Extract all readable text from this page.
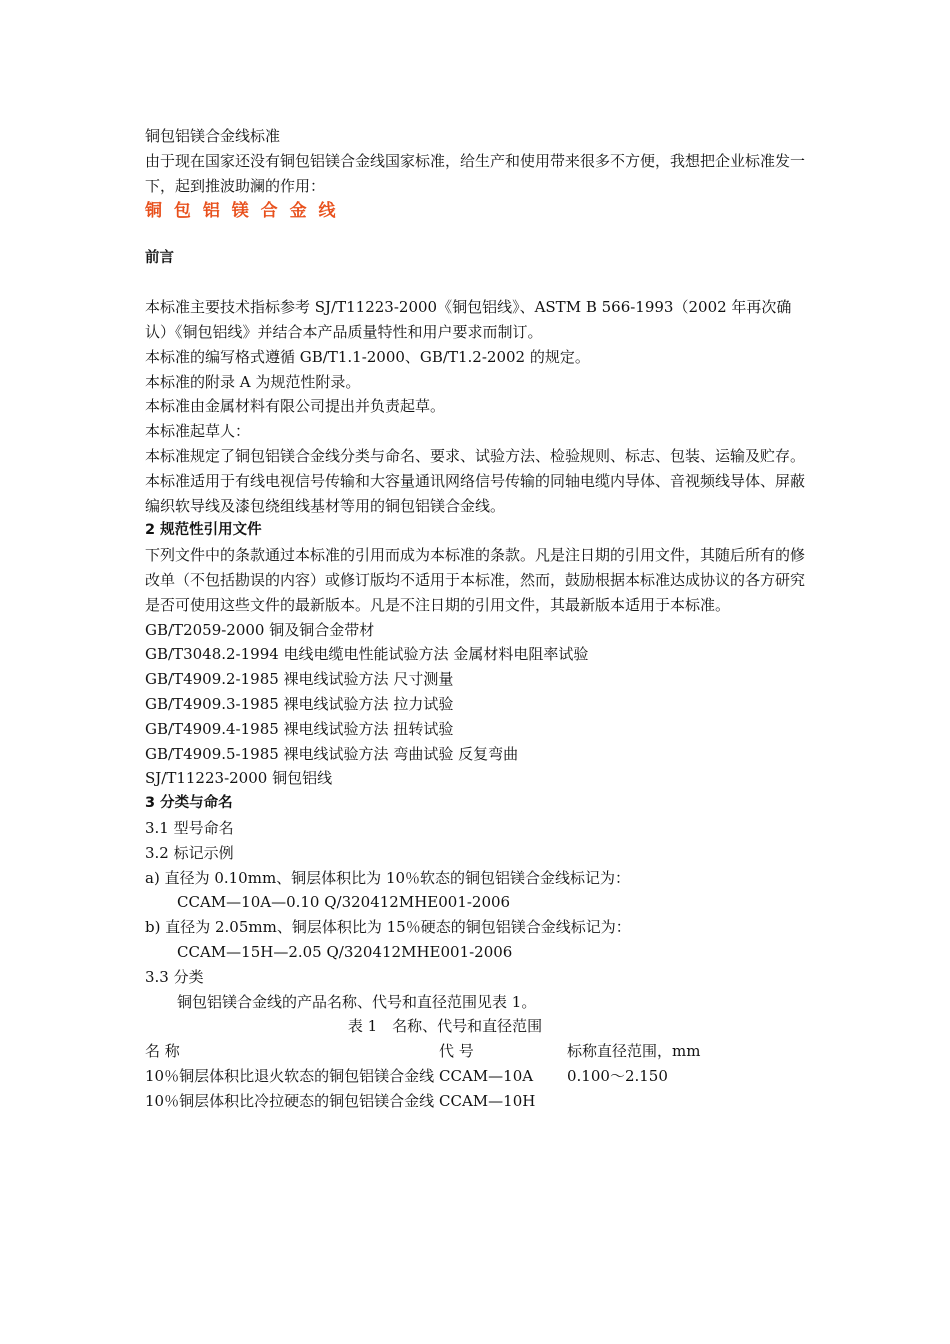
铜包铝镁合金线标准
由于现在国家还没有铜包铝镁合金线国家标准，给生产和使用带来很多不方便，我想把企业标准发一下，起到推波助澜的作用：
铜 包 铝 镁 合 金 线
前言
本标准主要技术指标参考 SJ/T11223-2000《铜包铝线》、ASTM B 566-1993（2002 年再次确认）《铜包铝线》并结合本产品质量特性和用户要求而制订。
本标准的编写格式遵循 GB/T1.1-2000、GB/T1.2-2002 的规定。
本标准的附录 A 为规范性附录。
本标准由金属材料有限公司提出并负责起草。
本标准起草人：
本标准规定了铜包铝镁合金线分类与命名、要求、试验方法、检验规则、标志、包装、运输及贮存。
本标准适用于有线电视信号传输和大容量通讯网络信号传输的同轴电缆内导体、音视频线导体、屏蔽编织软导线及漆包绕组线基材等用的铜包铝镁合金线。
2 规范性引用文件
下列文件中的条款通过本标准的引用而成为本标准的条款。凡是注日期的引用文件，其随后所有的修改单（不包括勘误的内容）或修订版均不适用于本标准，然而，鼓励根据本标准达成协议的各方研究是否可使用这些文件的最新版本。凡是不注日期的引用文件，其最新版本适用于本标准。
GB/T2059-2000 铜及铜合金带材
GB/T3048.2-1994 电线电缆电性能试验方法 金属材料电阻率试验
GB/T4909.2-1985 裸电线试验方法 尺寸测量
GB/T4909.3-1985 裸电线试验方法 拉力试验
GB/T4909.4-1985 裸电线试验方法 扭转试验
GB/T4909.5-1985 裸电线试验方法 弯曲试验 反复弯曲
SJ/T11223-2000 铜包铝线
3 分类与命名
3.1 型号命名
3.2 标记示例
a) 直径为 0.10mm、铜层体积比为 10％软态的铜包铝镁合金线标记为：
CCAM—10A—0.10 Q/320412MHE001-2006
b) 直径为 2.05mm、铜层体积比为 15％硬态的铜包铝镁合金线标记为：
CCAM—15H—2.05 Q/320412MHE001-2006
3.3 分类
铜包铝镁合金线的产品名称、代号和直径范围见表 1。
表 1　名称、代号和直径范围
名 称	代 号	标称直径范围，mm
10％铜层体积比退火软态的铜包铝镁合金线	CCAM—10A	0.100～2.150
10％铜层体积比冷拉硬态的铜包铝镁合金线	CCAM—10H	
